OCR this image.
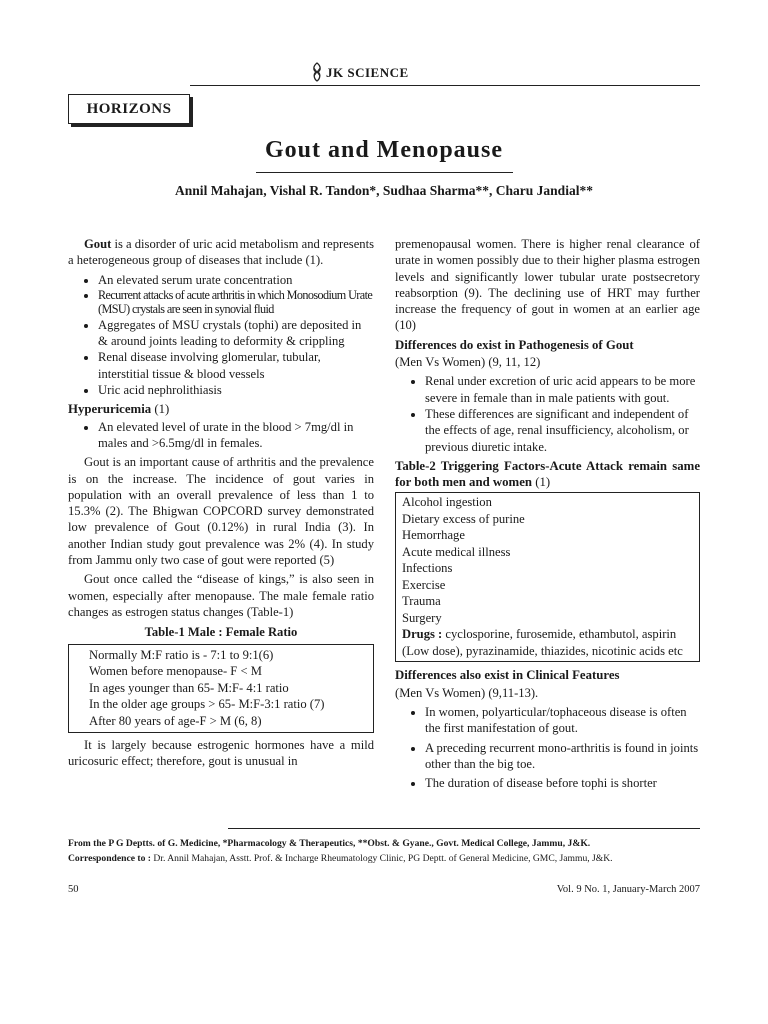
JK SCIENCE
HORIZONS
Gout and Menopause
Annil Mahajan, Vishal R. Tandon*, Sudhaa Sharma**, Charu Jandial**

Gout is a disorder of uric acid metabolism and represents a heterogeneous group of diseases that include (1).

• An elevated serum urate concentration
• Recurrent attacks of acute arthritis in which Monosodium Urate (MSU) crystals are seen in synovial fluid
• Aggregates of MSU crystals (tophi) are deposited in & around joints leading to deformity & crippling
• Renal disease involving glomerular, tubular, interstitial tissue & blood vessels
• Uric acid nephrolithiasis
Hyperuricemia (1)
• An elevated level of urate in the blood > 7mg/dl in males and >6.5mg/dl in females.

Gout is an important cause of arthritis and the prevalence is on the increase. The incidence of gout varies in population with an overall prevalence of less than 1 to 15.3% (2). The Bhigwan COPCORD survey demonstrated low prevalence of Gout (0.12%) in rural India (3). In another Indian study gout prevalence was 2% (4). In study from Jammu only two case of gout were reported (5)

Gout once called the “disease of kings,” is also seen in women, especially after menopause. The male female ratio changes as estrogen status changes (Table-1)

Table-1 Male : Female Ratio
Normally M:F ratio is - 7:1 to 9:1(6)
Women before menopause- F < M
In ages younger than 65- M:F- 4:1 ratio
In the older age groups > 65- M:F-3:1 ratio (7)
After 80 years of age-F > M (6, 8)

It is largely because estrogenic hormones have a mild uricosuric effect; therefore, gout is unusual in

premenopausal women. There is higher renal clearance of urate in women possibly due to their higher plasma estrogen levels and significantly lower tubular urate postsecretory reabsorption (9). The declining use of HRT may further increase the frequency of gout in women at an earlier age (10)

Differences do exist in Pathogenesis of Gout

(Men Vs Women) (9, 11, 12)

• Renal under excretion of uric acid appears to be more severe in female than in male patients with gout.
• These differences are significant and independent of the effects of age, renal insufficiency, alcoholism, or previous diuretic intake.
Table-2 Triggering Factors-Acute Attack remain same for both men and women (1)
Alcohol ingestion
Dietary excess of purine
Hemorrhage
Acute medical illness
Infections
Exercise
Trauma
Surgery
Drugs : cyclosporine, furosemide, ethambutol, aspirin (Low dose), pyrazinamide, thiazides, nicotinic acids etc
Differences also exist in Clinical Features

(Men Vs Women) (9,11-13).

• In women, polyarticular/tophaceous disease is often the first manifestation of gout.
• A preceding recurrent mono-arthritis is found in joints other than the big toe.
• The duration of disease before tophi is shorter
From the P G Deptts. of G. Medicine, *Pharmacology & Therapeutics, **Obst. & Gyane., Govt. Medical College, Jammu, J&K.
Correspondence to : Dr. Annil Mahajan, Asstt. Prof. & Incharge Rheumatology Clinic, PG Deptt. of General Medicine, GMC, Jammu, J&K.
50	Vol. 9 No. 1, January-March 2007
